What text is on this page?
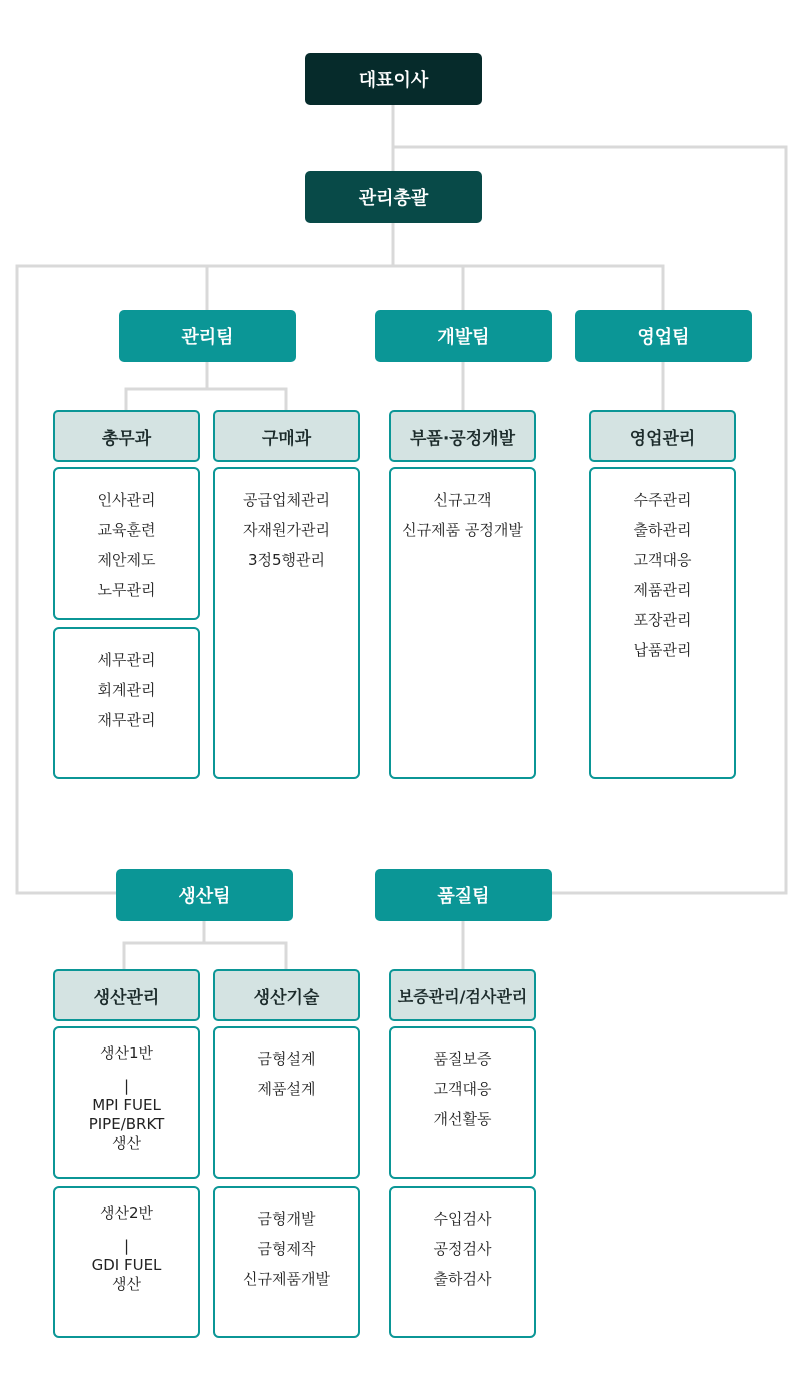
대표이사
관리총괄
관리팀	개발팀	영업팀
생산팀	품질팀
총무과	구매과	부품·공정개발	영업관리
인사관리
교육훈련
제안제도
노무관리
세무관리
회계관리
재무관리
공급업체관리
자재원가관리
3정5행관리
신규고객
신규제품 공정개발
수주관리
출하관리
고객대응
제품관리
포장관리
납품관리
생산관리	생산기술	보증관리/검사관리
생산1반
|
MPI FUEL
PIPE/BRKT
생산
생산2반
|
GDI FUEL
생산
금형설계
제품설계
금형개발
금형제작
신규제품개발
품질보증
고객대응
개선활동
수입검사
공정검사
출하검사
